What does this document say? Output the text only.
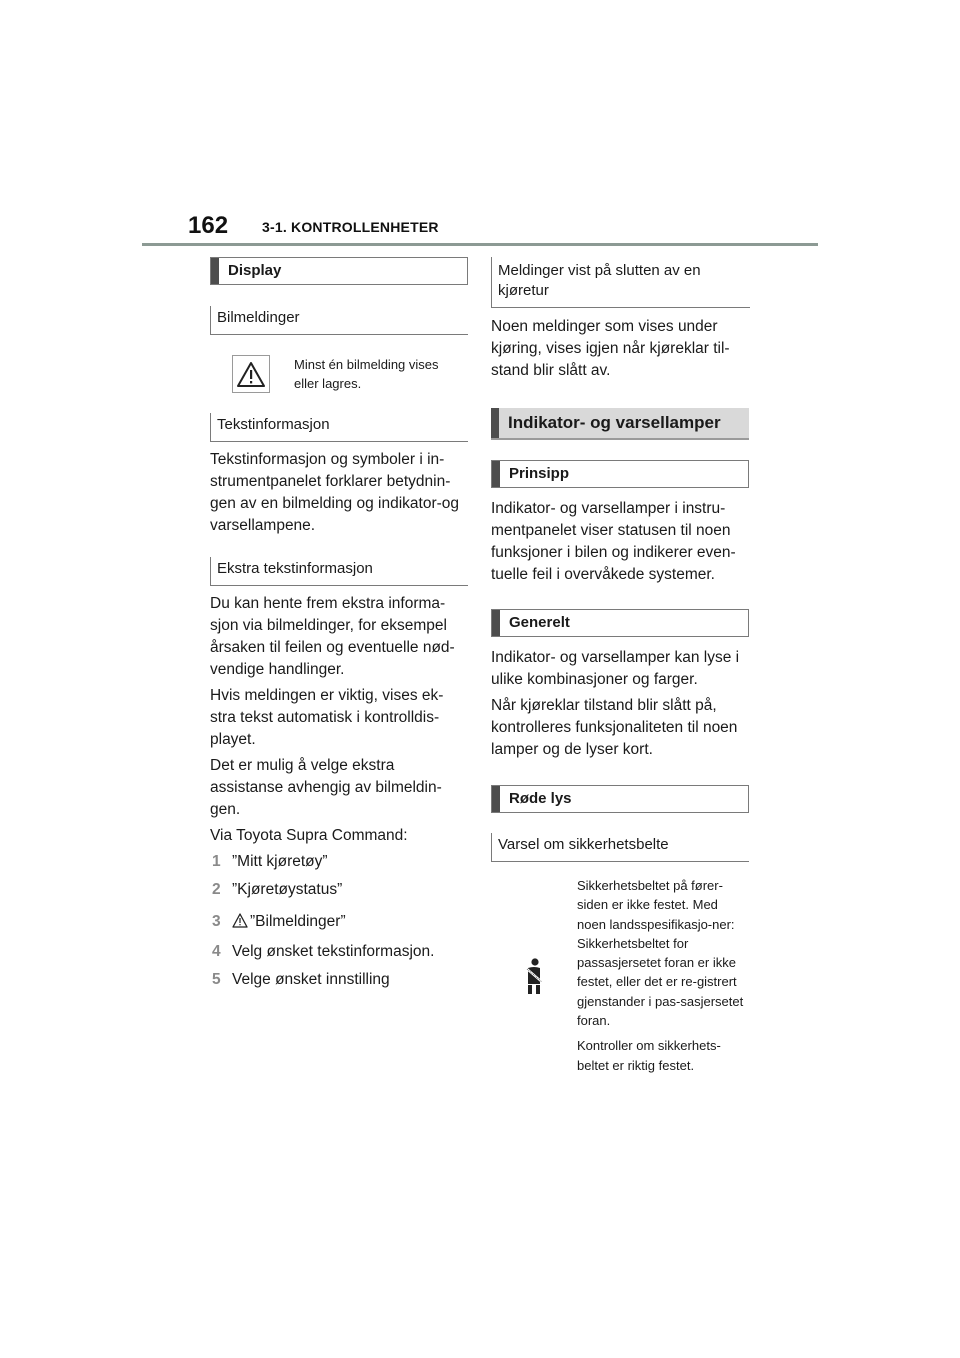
162 3-1. KONTROLLENHETER
Display
Bilmeldinger
Minst én bilmelding vises eller lagres.
Tekstinformasjon

Tekstinformasjon og symboler i in-strumentpanelet forklarer betydnin-gen av en bilmelding og indikator-og varsellampene.

Ekstra tekstinformasjon

Du kan hente frem ekstra informa-sjon via bilmeldinger, for eksempel årsaken til feilen og eventuelle nød-vendige handlinger.

Hvis meldingen er viktig, vises ek-stra tekst automatisk i kontrolldis-playet.

Det er mulig å velge ekstra assistanse avhengig av bilmeldin-gen.

Via Toyota Supra Command:

1 ”Mitt kjøretøy”
2 ”Kjøretøystatus”
3	”Bilmeldinger”
4 Velg ønsket tekstinformasjon.
5 Velge ønsket innstilling
Meldinger vist på slutten av en kjøretur

Noen meldinger som vises under kjøring, vises igjen når kjøreklar til-stand blir slått av.

Indikator- og varsellamper
Prinsipp

Indikator- og varsellamper i instru-mentpanelet viser statusen til noen funksjoner i bilen og indikerer even-tuelle feil i overvåkede systemer.

Generelt

Indikator- og varsellamper kan lyse i ulike kombinasjoner og farger.

Når kjøreklar tilstand blir slått på, kontrolleres funksjonaliteten til noen lamper og de lyser kort.

Røde lys
Varsel om sikkerhetsbelte

Sikkerhetsbeltet på fører-siden er ikke festet. Med noen landsspesifikasjo-ner: Sikkerhetsbeltet for passasjersetet foran er ikke festet, eller det er re-gistrert gjenstander i pas-sasjersetet foran.

Kontroller om sikkerhets-beltet er riktig festet.
